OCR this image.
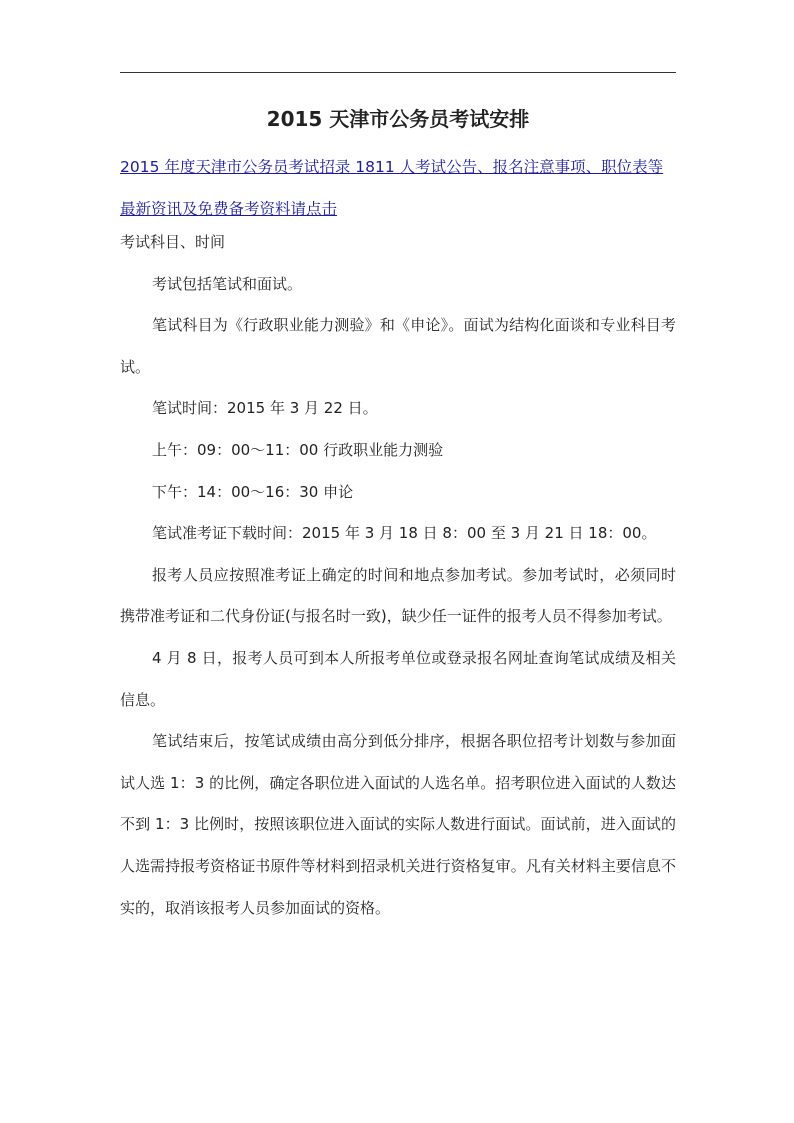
2015 天津市公务员考试安排
2015 年度天津市公务员考试招录 1811 人考试公告、报名注意事项、职位表等最新资讯及免费备考资料请点击

考试科目、时间

考试包括笔试和面试。

笔试科目为《行政职业能力测验》和《申论》。面试为结构化面谈和专业科目考试。

笔试时间：2015 年 3 月 22 日。

上午：09：00～11：00 行政职业能力测验

下午：14：00～16：30 申论

笔试准考证下载时间：2015 年 3 月 18 日 8：00 至 3 月 21 日 18：00。

报考人员应按照准考证上确定的时间和地点参加考试。参加考试时，必须同时携带准考证和二代身份证(与报名时一致)，缺少任一证件的报考人员不得参加考试。

4 月 8 日，报考人员可到本人所报考单位或登录报名网址查询笔试成绩及相关信息。

笔试结束后，按笔试成绩由高分到低分排序，根据各职位招考计划数与参加面试人选 1：3 的比例，确定各职位进入面试的人选名单。招考职位进入面试的人数达不到 1：3 比例时，按照该职位进入面试的实际人数进行面试。面试前，进入面试的人选需持报考资格证书原件等材料到招录机关进行资格复审。凡有关材料主要信息不实的，取消该报考人员参加面试的资格。
